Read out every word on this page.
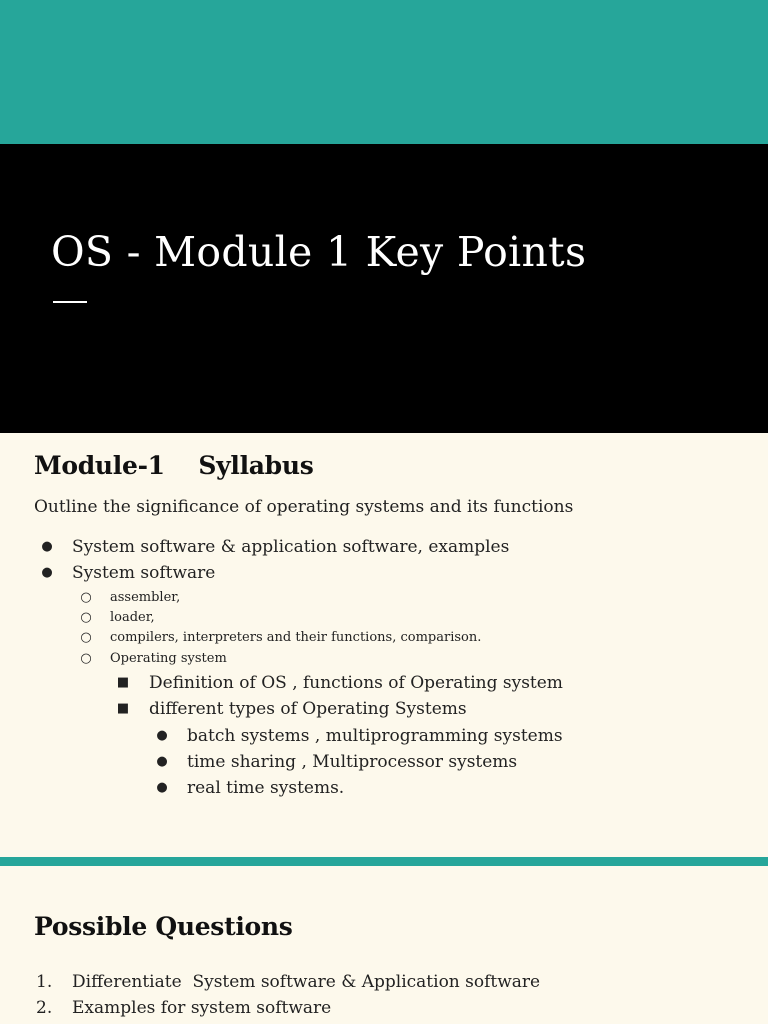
OS - Module 1 Key Points
Module-1    Syllabus
Outline the significance of operating systems and its functions
● System software & application software, examples
● System software
○ assembler,
○ loader,
○ compilers, interpreters and their functions, comparison.
○ Operating system
■ Definition of OS , functions of Operating system
■ different types of Operating Systems
● batch systems , multiprogramming systems
● time sharing , Multiprocessor systems
● real time systems.
Possible Questions
1. Differentiate  System software & Application software
2. Examples for system software
